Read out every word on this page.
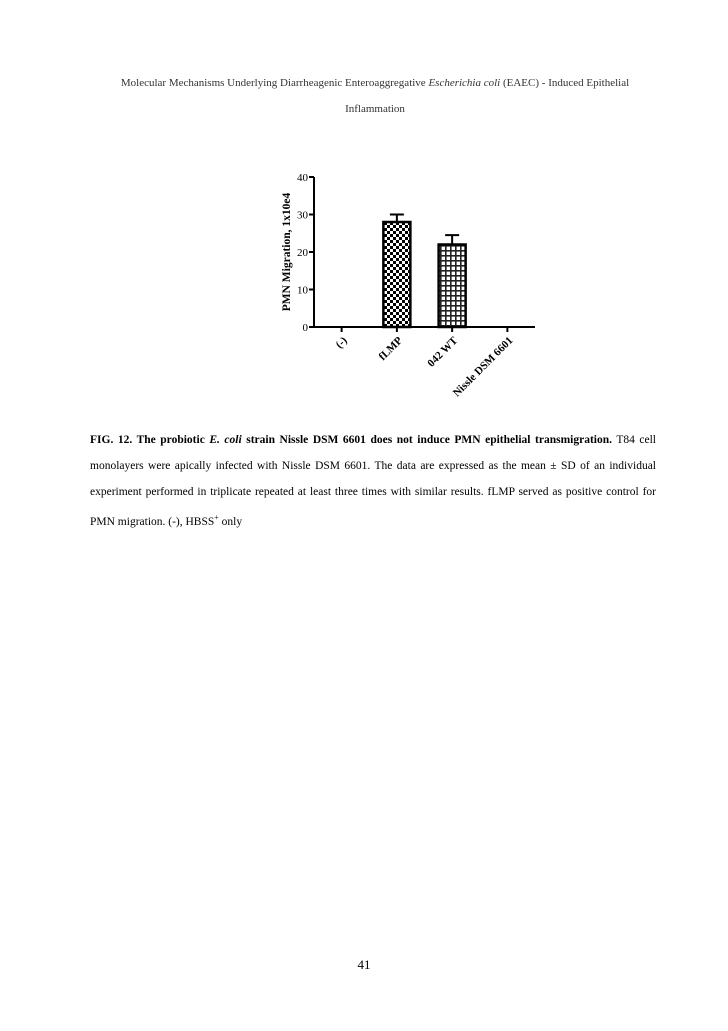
Molecular Mechanisms Underlying Diarrheagenic Enteroaggregative Escherichia coli (EAEC) - Induced Epithelial
Inflammation
0
10
20
30
40
PMN Migration, 1x10e4
(-) fLMP 042 WT
Nissle DSM 6601
FIG. 12. The probiotic E. coli strain Nissle DSM 6601 does not induce PMN epithelial transmigration. T84 cell monolayers were apically infected with Nissle DSM 6601. The data are expressed as the mean ± SD of an individual experiment performed in triplicate repeated at least three times with similar results. fLMP served as positive control for PMN migration. (-), HBSS+ only
41
